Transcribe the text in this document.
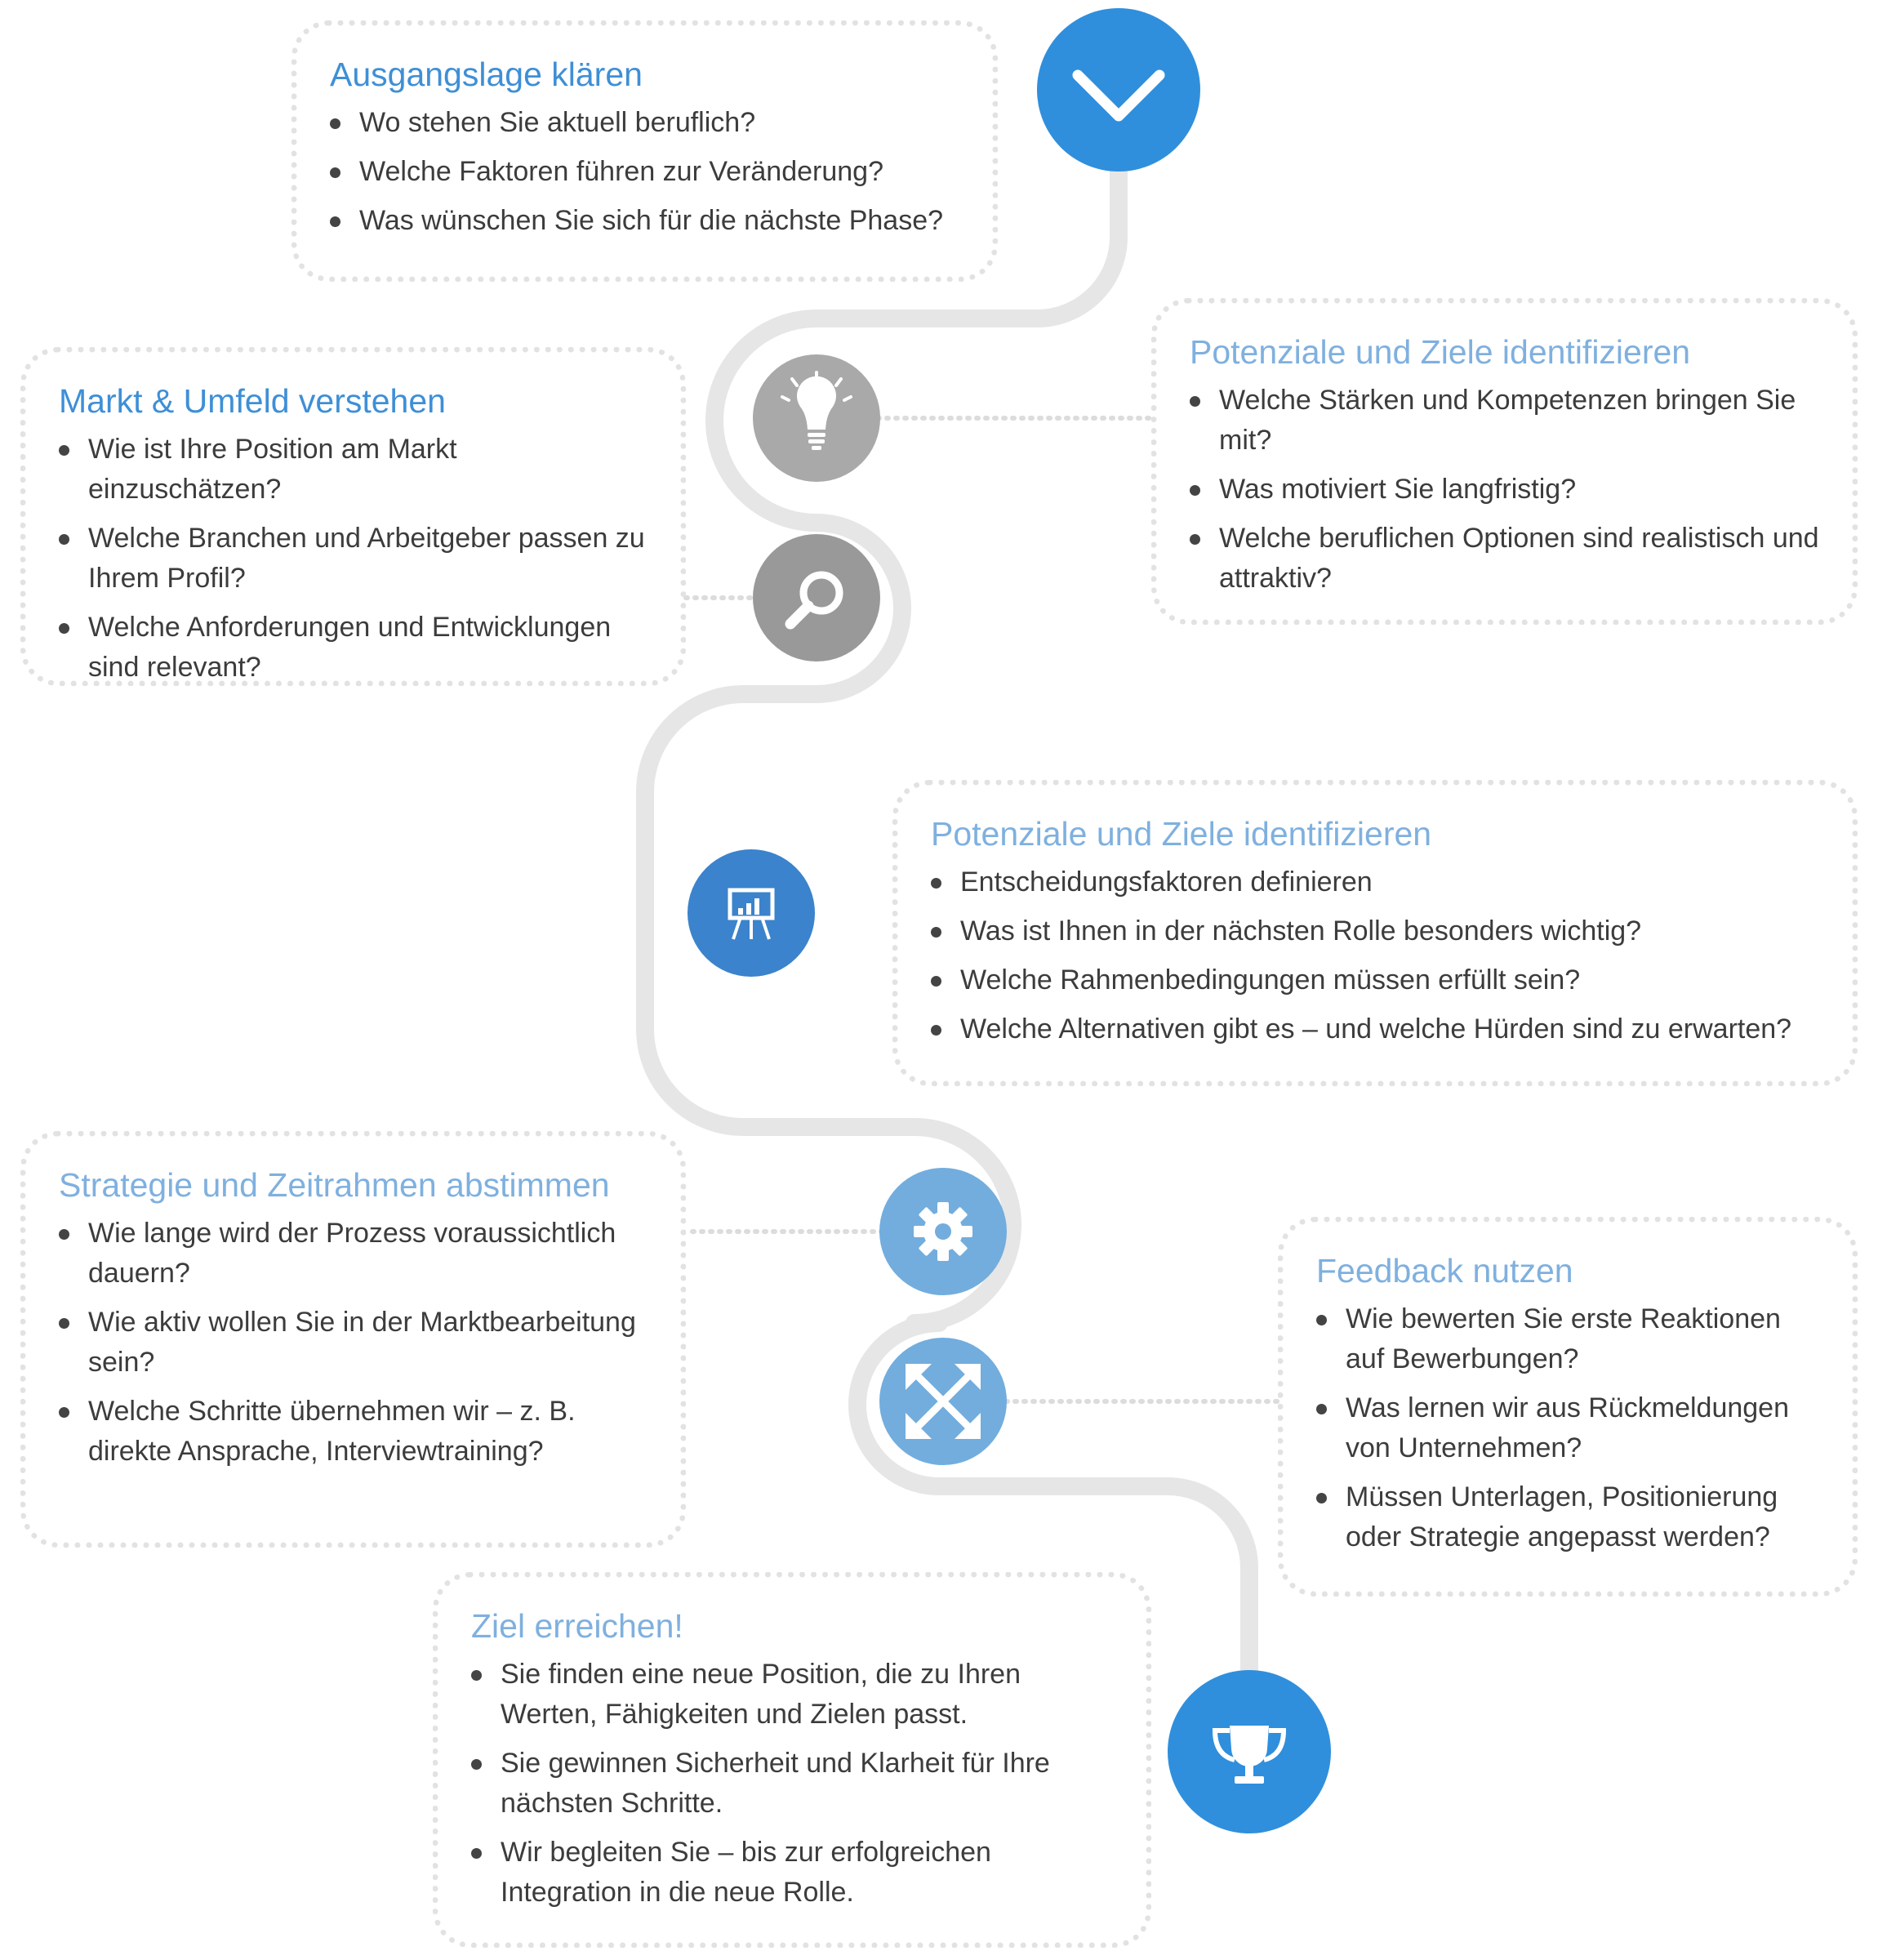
Ausgangslage klären
Wo stehen Sie aktuell beruflich?
Welche Faktoren führen zur Veränderung?
Was wünschen Sie sich für die nächste Phase?
Markt & Umfeld verstehen
Wie ist Ihre Position am Markt einzuschätzen?
Welche Branchen und Arbeitgeber passen zu Ihrem Profil?
Welche Anforderungen und Entwicklungen sind relevant?
Potenziale und Ziele identifizieren
Welche Stärken und Kompetenzen bringen Sie mit?
Was motiviert Sie langfristig?
Welche beruflichen Optionen sind realistisch und attraktiv?
Potenziale und Ziele identifizieren
Entscheidungsfaktoren definieren
Was ist Ihnen in der nächsten Rolle besonders wichtig?
Welche Rahmenbedingungen müssen erfüllt sein?
Welche Alternativen gibt es – und welche Hürden sind zu erwarten?
Strategie und Zeitrahmen abstimmen
Wie lange wird der Prozess voraussichtlich dauern?
Wie aktiv wollen Sie in der Marktbearbeitung sein?
Welche Schritte übernehmen wir – z. B. direkte Ansprache, Interviewtraining?
Feedback nutzen
Wie bewerten Sie erste Reaktionen auf Bewerbungen?
Was lernen wir aus Rückmeldungen von Unternehmen?
Müssen Unterlagen, Positionierung oder Strategie angepasst werden?
Ziel erreichen!
Sie finden eine neue Position, die zu Ihren Werten, Fähigkeiten und Zielen passt.
Sie gewinnen Sicherheit und Klarheit für Ihre nächsten Schritte.
Wir begleiten Sie – bis zur erfolgreichen Integration in die neue Rolle.
